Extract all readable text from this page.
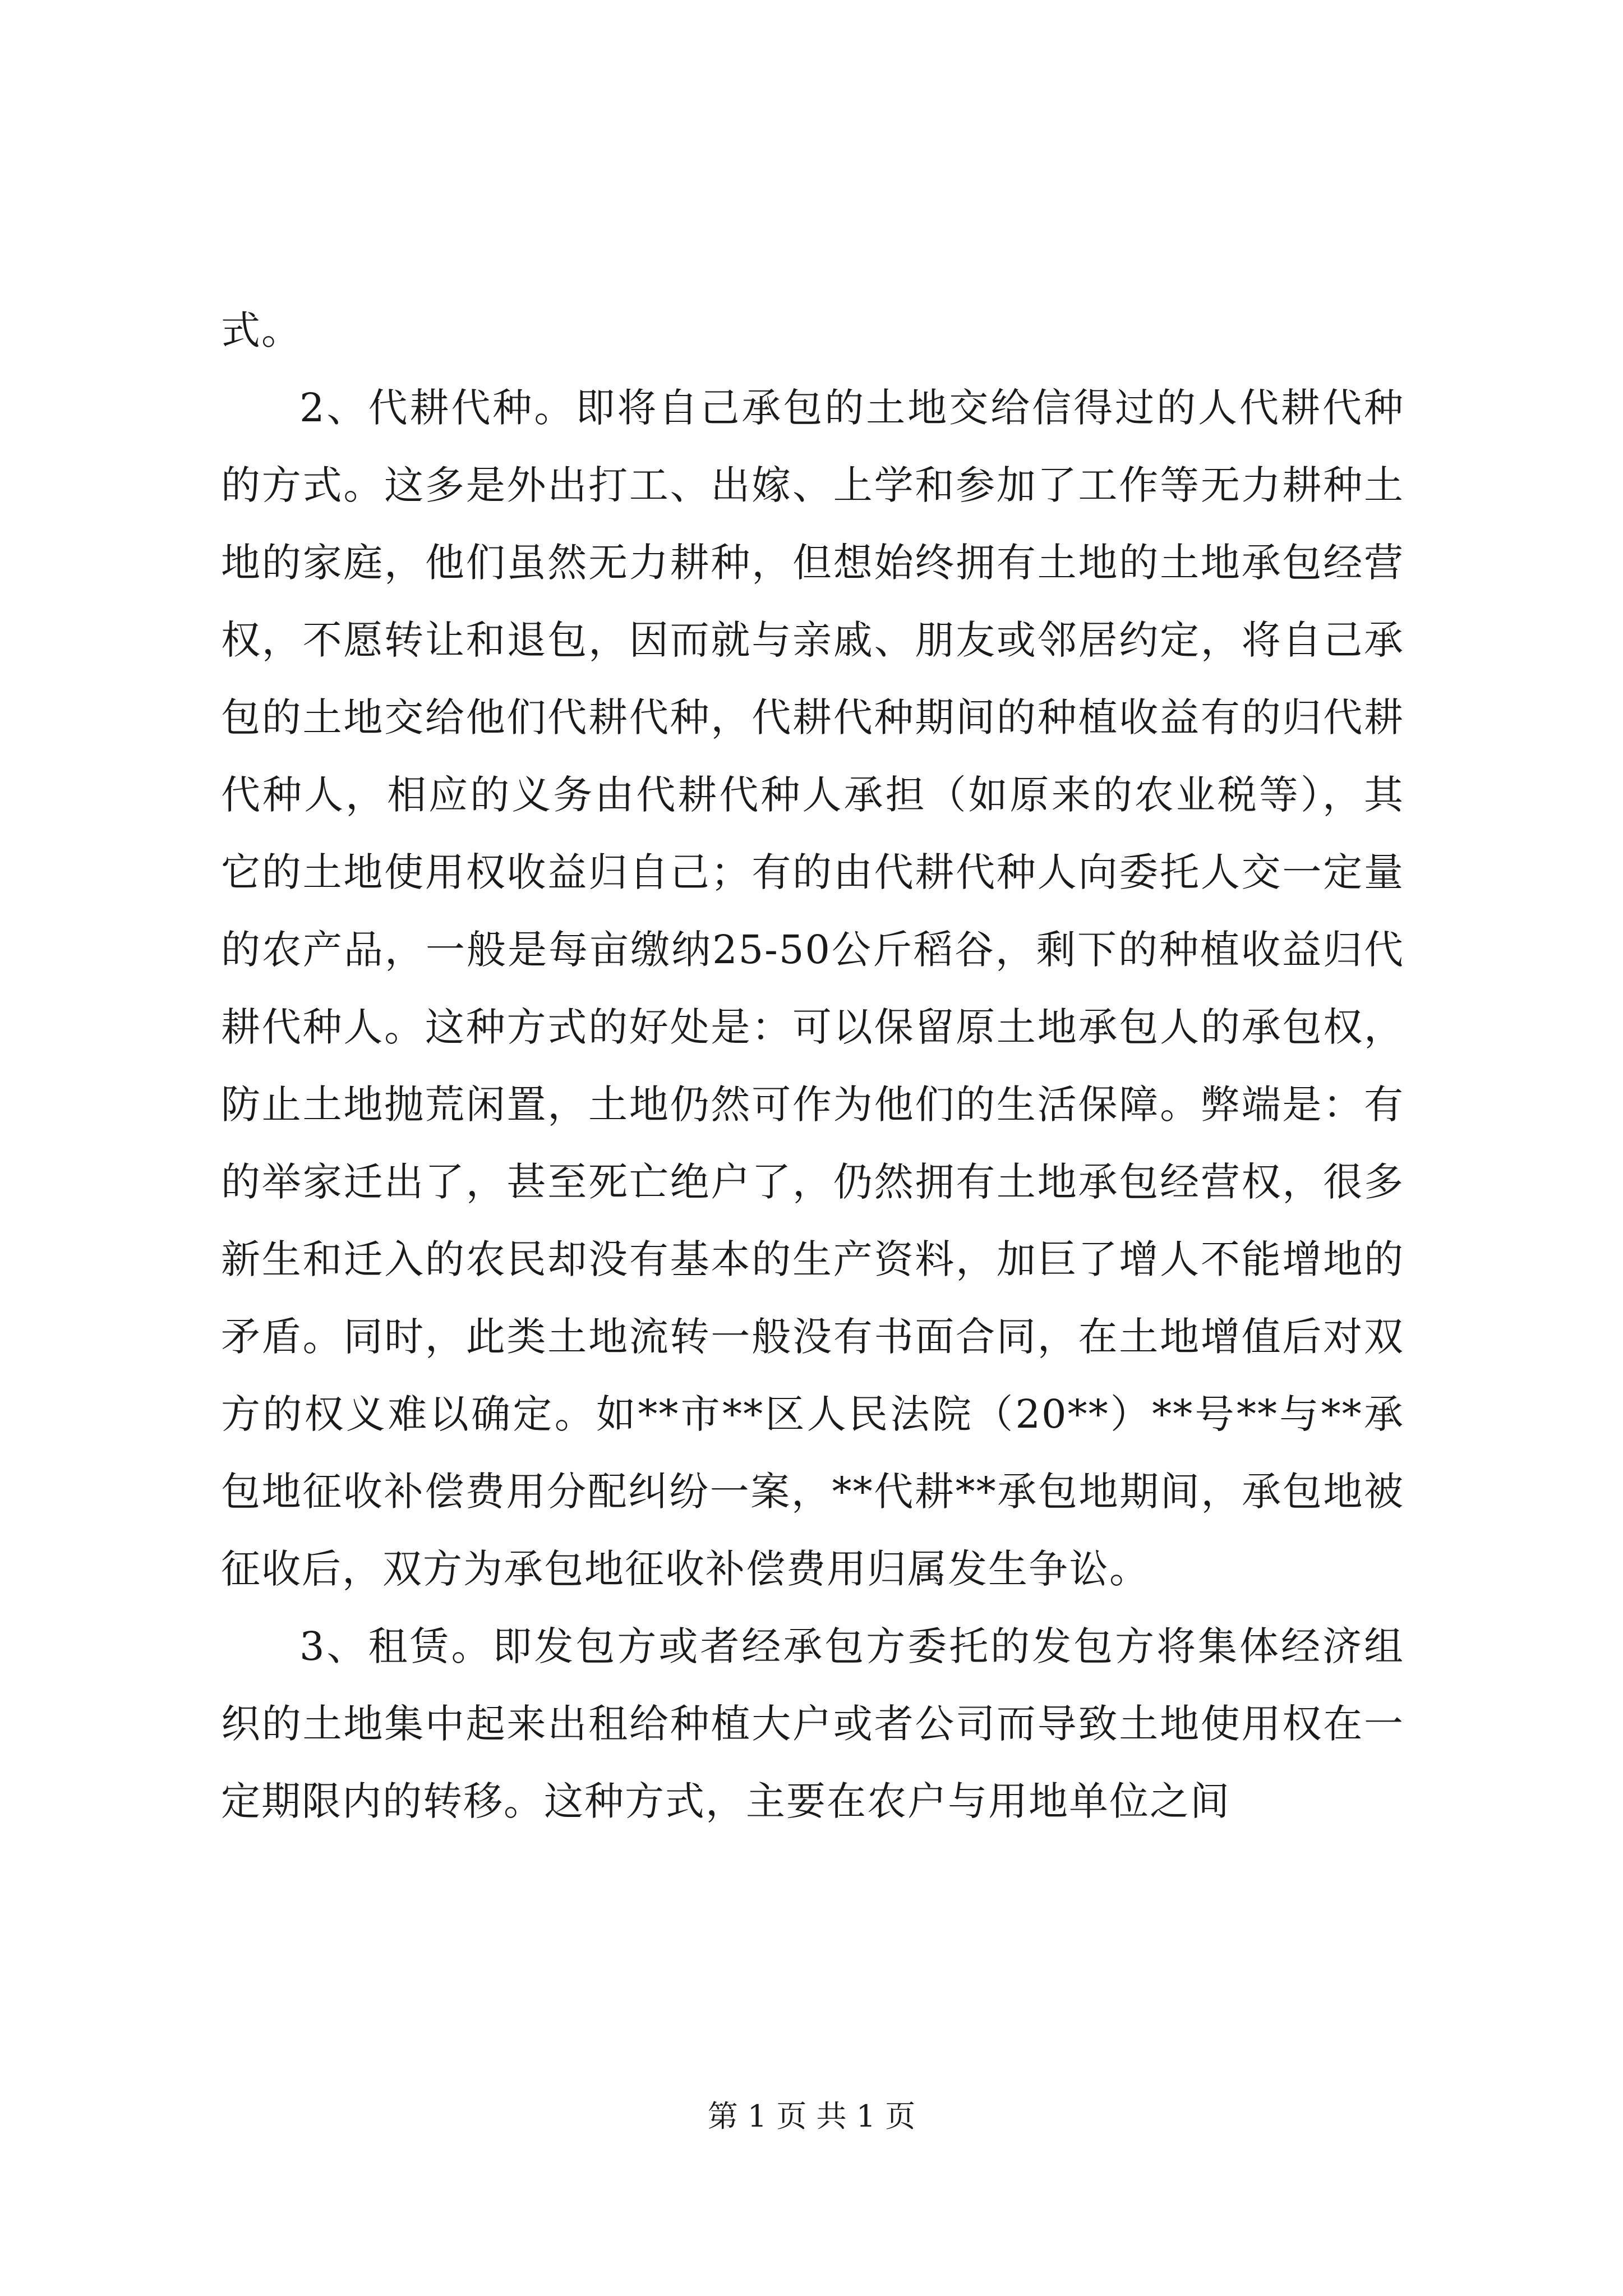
式。

2、代耕代种。即将自己承包的土地交给信得过的人代耕代种的方式。这多是外出打工、出嫁、上学和参加了工作等无力耕种土地的家庭，他们虽然无力耕种，但想始终拥有土地的土地承包经营权，不愿转让和退包，因而就与亲戚、朋友或邻居约定，将自己承包的土地交给他们代耕代种，代耕代种期间的种植收益有的归代耕代种人，相应的义务由代耕代种人承担（如原来的农业税等），其它的土地使用权收益归自己；有的由代耕代种人向委托人交一定量的农产品，一般是每亩缴纳25-50公斤稻谷，剩下的种植收益归代耕代种人。这种方式的好处是：可以保留原土地承包人的承包权，防止土地抛荒闲置，土地仍然可作为他们的生活保障。弊端是：有的举家迁出了，甚至死亡绝户了，仍然拥有土地承包经营权，很多新生和迁入的农民却没有基本的生产资料，加巨了增人不能增地的矛盾。同时，此类土地流转一般没有书面合同，在土地增值后对双方的权义难以确定。如**市**区人民法院（20**）**号**与**承包地征收补偿费用分配纠纷一案，**代耕**承包地期间，承包地被征收后，双方为承包地征收补偿费用归属发生争讼。

3、租赁。即发包方或者经承包方委托的发包方将集体经济组织的土地集中起来出租给种植大户或者公司而导致土地使用权在一定期限内的转移。这种方式，主要在农户与用地单位之间

第 1 页 共 1 页
